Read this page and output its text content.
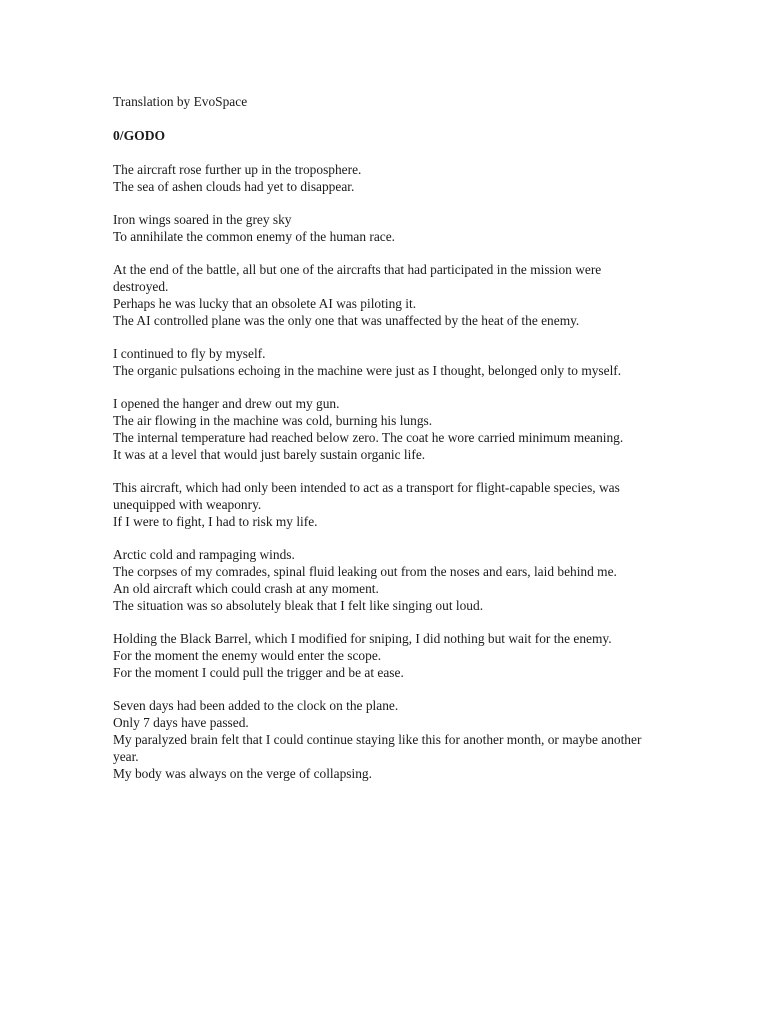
Translation by EvoSpace

0/GODO

The aircraft rose further up in the troposphere.
The sea of ashen clouds had yet to disappear.
Iron wings soared in the grey sky
To annihilate the common enemy of the human race.
At the end of the battle, all but one of the aircrafts that had participated in the mission were destroyed.
Perhaps he was lucky that an obsolete AI was piloting it.
The AI controlled plane was the only one that was unaffected by the heat of the enemy.
I continued to fly by myself.
The organic pulsations echoing in the machine were just as I thought, belonged only to myself.
I opened the hanger and drew out my gun.
The air flowing in the machine was cold, burning his lungs.
The internal temperature had reached below zero. The coat he wore carried minimum meaning.
It was at a level that would just barely sustain organic life.
This aircraft, which had only been intended to act as a transport for flight-capable species, was unequipped with weaponry.
If I were to fight, I had to risk my life.
Arctic cold and rampaging winds.
The corpses of my comrades, spinal fluid leaking out from the noses and ears, laid behind me.
An old aircraft which could crash at any moment.
The situation was so absolutely bleak that I felt like singing out loud.
Holding the Black Barrel, which I modified for sniping, I did nothing but wait for the enemy.
For the moment the enemy would enter the scope.
For the moment I could pull the trigger and be at ease.
Seven days had been added to the clock on the plane.
Only 7 days have passed.
My paralyzed brain felt that I could continue staying like this for another month, or maybe another year.
My body was always on the verge of collapsing.
